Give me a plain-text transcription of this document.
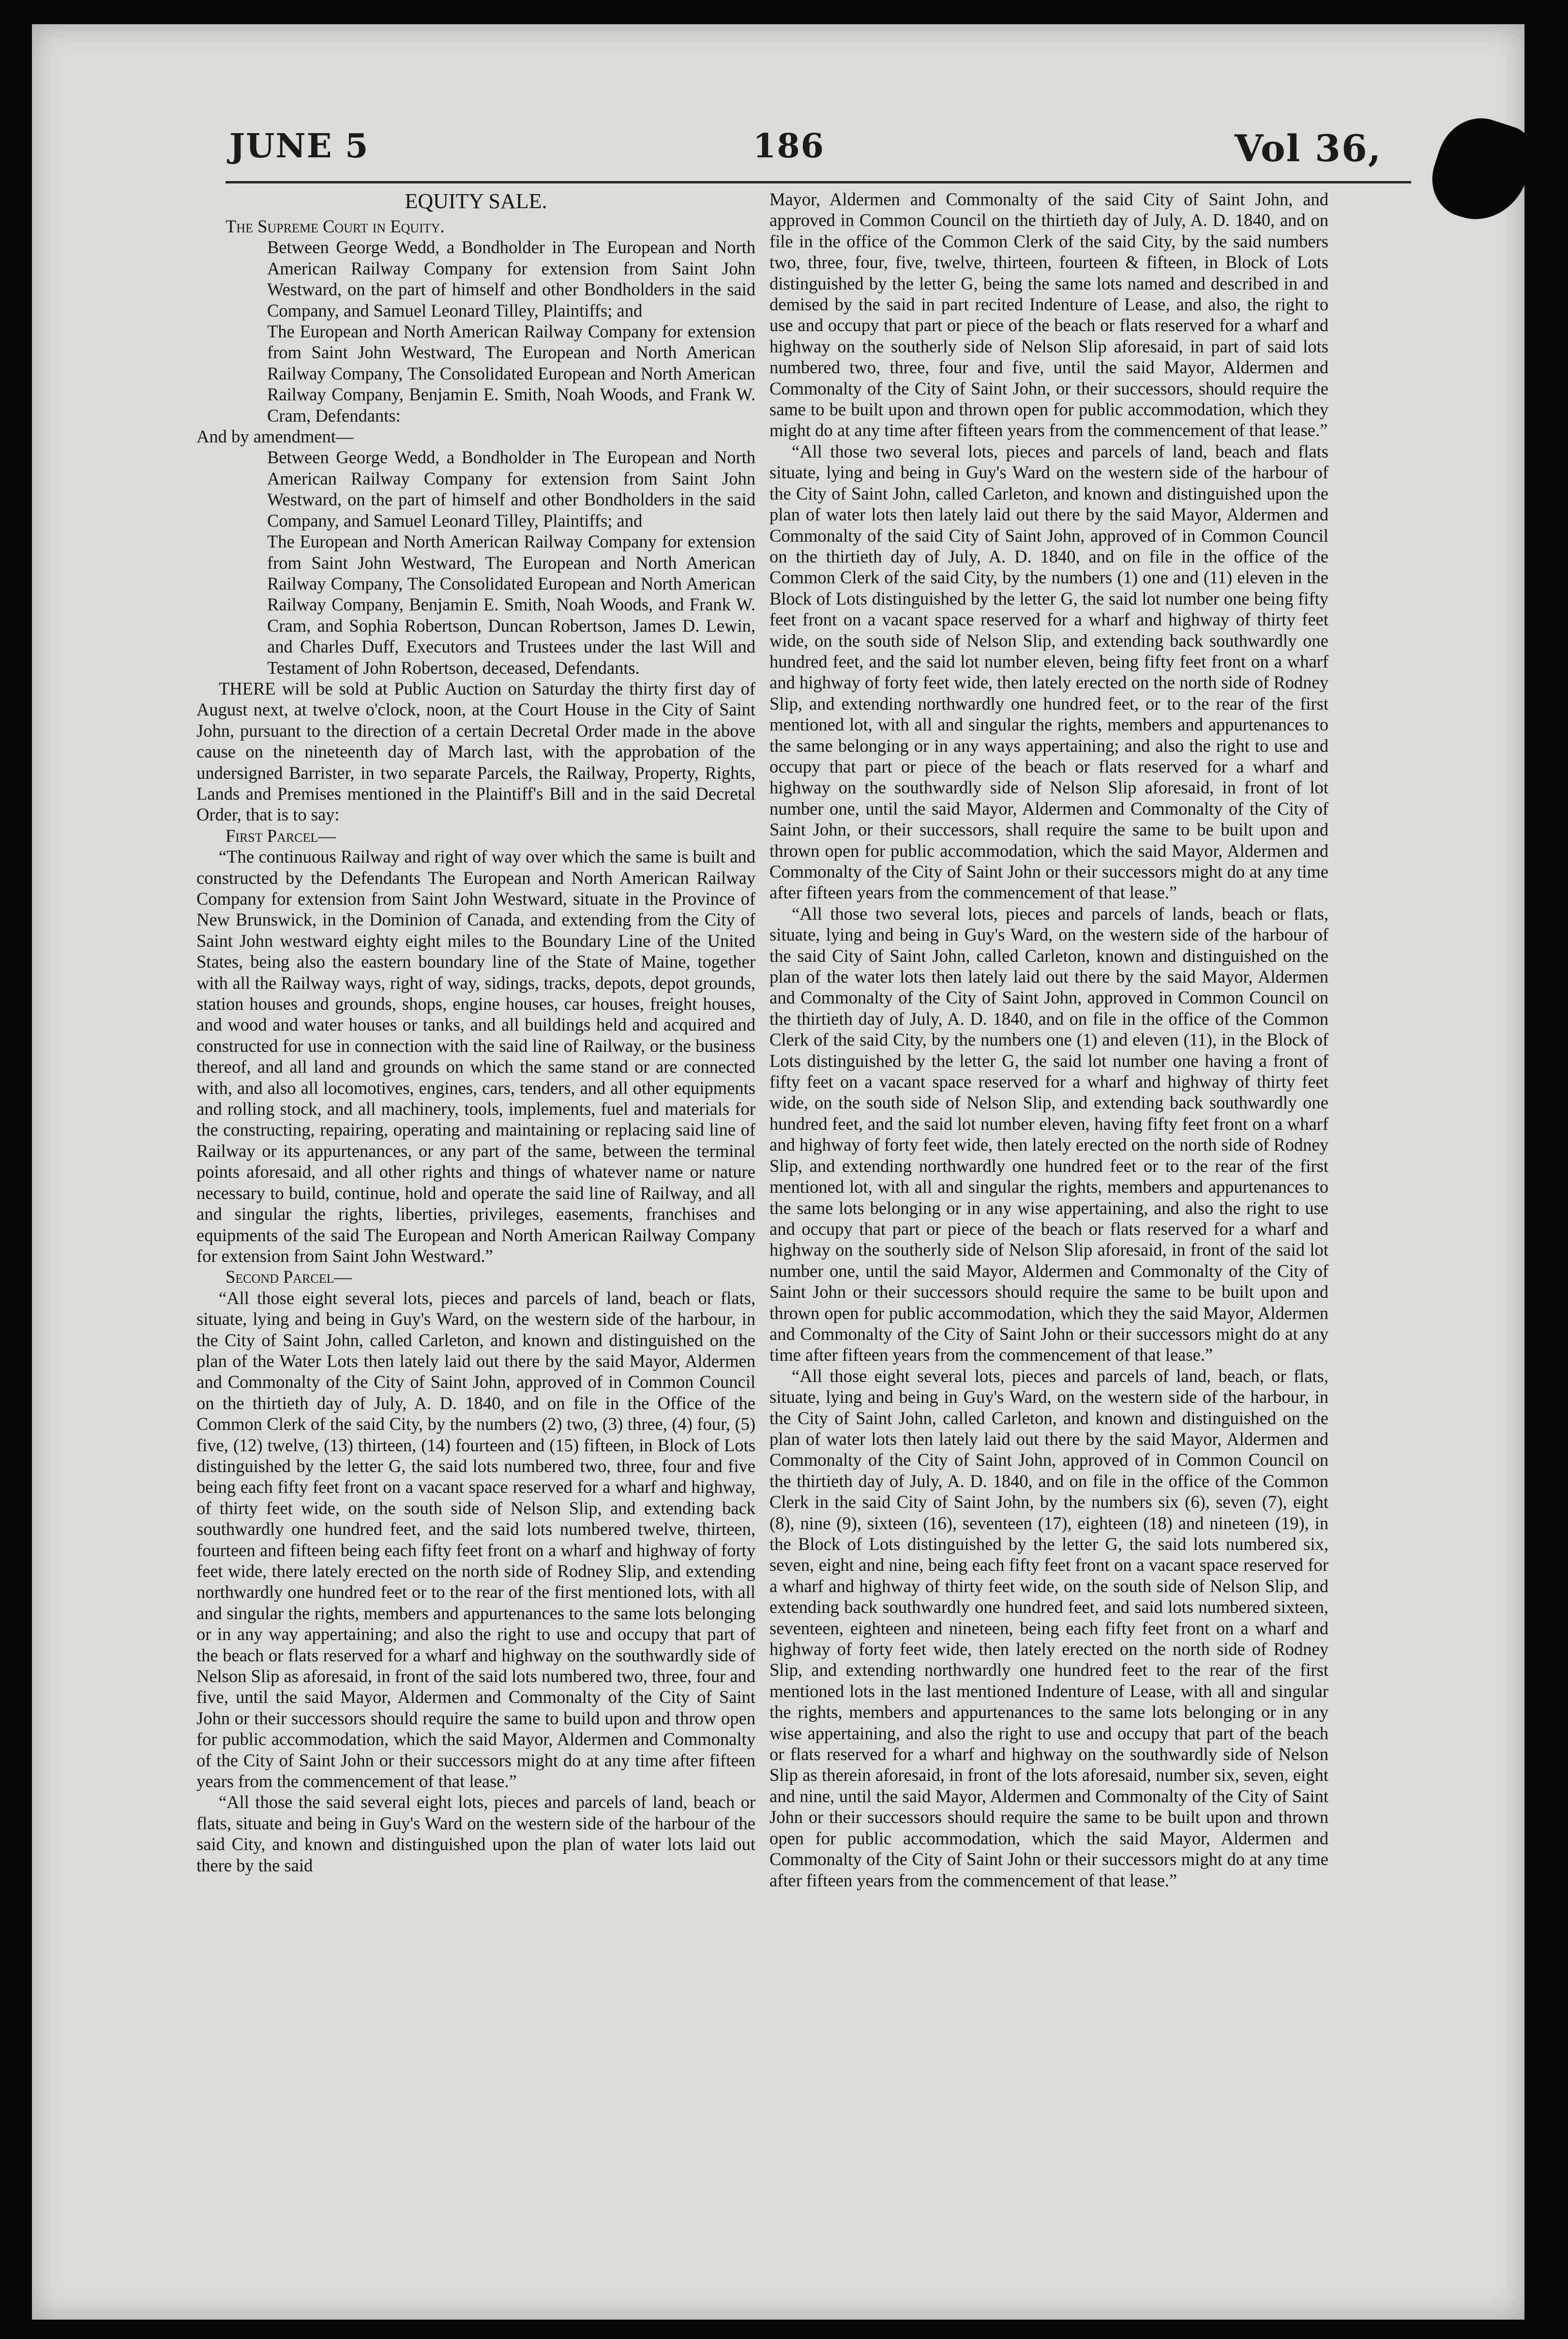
JUNE 5	186	Vol 36,

EQUITY SALE.

The Supreme Court in Equity.

Between George Wedd, a Bondholder in The European and North American Railway Company for extension from Saint John Westward, on the part of himself and other Bondholders in the said Company, and Samuel Leonard Tilley, Plaintiffs; and

The European and North American Railway Company for extension from Saint John Westward, The European and North American Railway Company, The Consolidated European and North American Railway Company, Benjamin E. Smith, Noah Woods, and Frank W. Cram, Defendants:

And by amendment—

Between George Wedd, a Bondholder in The European and North American Railway Company for extension from Saint John Westward, on the part of himself and other Bondholders in the said Company, and Samuel Leonard Tilley, Plaintiffs; and

The European and North American Railway Company for extension from Saint John Westward, The European and North American Railway Company, The Consolidated European and North American Railway Company, Benjamin E. Smith, Noah Woods, and Frank W. Cram, and Sophia Robertson, Duncan Robertson, James D. Lewin, and Charles Duff, Executors and Trustees under the last Will and Testament of John Robertson, deceased, Defendants.

THERE will be sold at Public Auction on Saturday the thirty first day of August next, at twelve o'clock, noon, at the Court House in the City of Saint John, pursuant to the direction of a certain Decretal Order made in the above cause on the nineteenth day of March last, with the approbation of the undersigned Barrister, in two separate Parcels, the Railway, Property, Rights, Lands and Premises mentioned in the Plaintiff's Bill and in the said Decretal Order, that is to say:

First Parcel—

“The continuous Railway and right of way over which the same is built and constructed by the Defendants The European and North American Railway Company for extension from Saint John Westward, situate in the Province of New Brunswick, in the Dominion of Canada, and extending from the City of Saint John westward eighty eight miles to the Boundary Line of the United States, being also the eastern boundary line of the State of Maine, together with all the Railway ways, right of way, sidings, tracks, depots, depot grounds, station houses and grounds, shops, engine houses, car houses, freight houses, and wood and water houses or tanks, and all buildings held and acquired and constructed for use in connection with the said line of Railway, or the business thereof, and all land and grounds on which the same stand or are connected with, and also all locomotives, engines, cars, tenders, and all other equipments and rolling stock, and all machinery, tools, implements, fuel and materials for the constructing, repairing, operating and maintaining or replacing said line of Railway or its appurtenances, or any part of the same, between the terminal points aforesaid, and all other rights and things of whatever name or nature necessary to build, continue, hold and operate the said line of Railway, and all and singular the rights, liberties, privileges, easements, franchises and equipments of the said The European and North American Railway Company for extension from Saint John Westward.”

Second Parcel—

“All those eight several lots, pieces and parcels of land, beach or flats, situate, lying and being in Guy's Ward, on the western side of the harbour, in the City of Saint John, called Carleton, and known and distinguished on the plan of the Water Lots then lately laid out there by the said Mayor, Aldermen and Commonalty of the City of Saint John, approved of in Common Council on the thirtieth day of July, A. D. 1840, and on file in the Office of the Common Clerk of the said City, by the numbers (2) two, (3) three, (4) four, (5) five, (12) twelve, (13) thirteen, (14) fourteen and (15) fifteen, in Block of Lots distinguished by the letter G, the said lots numbered two, three, four and five being each fifty feet front on a vacant space reserved for a wharf and highway, of thirty feet wide, on the south side of Nelson Slip, and extending back southwardly one hundred feet, and the said lots numbered twelve, thirteen, fourteen and fifteen being each fifty feet front on a wharf and highway of forty feet wide, there lately erected on the north side of Rodney Slip, and extending northwardly one hundred feet or to the rear of the first mentioned lots, with all and singular the rights, members and appurtenances to the same lots belonging or in any way appertaining; and also the right to use and occupy that part of the beach or flats reserved for a wharf and highway on the southwardly side of Nelson Slip as aforesaid, in front of the said lots numbered two, three, four and five, until the said Mayor, Aldermen and Commonalty of the City of Saint John or their successors should require the same to build upon and throw open for public accommodation, which the said Mayor, Aldermen and Commonalty of the City of Saint John or their successors might do at any time after fifteen years from the commencement of that lease.”

“All those the said several eight lots, pieces and parcels of land, beach or flats, situate and being in Guy's Ward on the western side of the harbour of the said City, and known and distinguished upon the plan of water lots laid out there by the said

Mayor, Aldermen and Commonalty of the said City of Saint John, and approved in Common Council on the thirtieth day of July, A. D. 1840, and on file in the office of the Common Clerk of the said City, by the said numbers two, three, four, five, twelve, thirteen, fourteen & fifteen, in Block of Lots distinguished by the letter G, being the same lots named and described in and demised by the said in part recited Indenture of Lease, and also, the right to use and occupy that part or piece of the beach or flats reserved for a wharf and highway on the southerly side of Nelson Slip aforesaid, in part of said lots numbered two, three, four and five, until the said Mayor, Aldermen and Commonalty of the City of Saint John, or their successors, should require the same to be built upon and thrown open for public accommodation, which they might do at any time after fifteen years from the commencement of that lease.”

“All those two several lots, pieces and parcels of land, beach and flats situate, lying and being in Guy's Ward on the western side of the harbour of the City of Saint John, called Carleton, and known and distinguished upon the plan of water lots then lately laid out there by the said Mayor, Aldermen and Commonalty of the said City of Saint John, approved of in Common Council on the thirtieth day of July, A. D. 1840, and on file in the office of the Common Clerk of the said City, by the numbers (1) one and (11) eleven in the Block of Lots distinguished by the letter G, the said lot number one being fifty feet front on a vacant space reserved for a wharf and highway of thirty feet wide, on the south side of Nelson Slip, and extending back southwardly one hundred feet, and the said lot number eleven, being fifty feet front on a wharf and highway of forty feet wide, then lately erected on the north side of Rodney Slip, and extending northwardly one hundred feet, or to the rear of the first mentioned lot, with all and singular the rights, members and appurtenances to the same belonging or in any ways appertaining; and also the right to use and occupy that part or piece of the beach or flats reserved for a wharf and highway on the southwardly side of Nelson Slip aforesaid, in front of lot number one, until the said Mayor, Aldermen and Commonalty of the City of Saint John, or their successors, shall require the same to be built upon and thrown open for public accommodation, which the said Mayor, Aldermen and Commonalty of the City of Saint John or their successors might do at any time after fifteen years from the commencement of that lease.”

“All those two several lots, pieces and parcels of lands, beach or flats, situate, lying and being in Guy's Ward, on the western side of the harbour of the said City of Saint John, called Carleton, known and distinguished on the plan of the water lots then lately laid out there by the said Mayor, Aldermen and Commonalty of the City of Saint John, approved in Common Council on the thirtieth day of July, A. D. 1840, and on file in the office of the Common Clerk of the said City, by the numbers one (1) and eleven (11), in the Block of Lots distinguished by the letter G, the said lot number one having a front of fifty feet on a vacant space reserved for a wharf and highway of thirty feet wide, on the south side of Nelson Slip, and extending back southwardly one hundred feet, and the said lot number eleven, having fifty feet front on a wharf and highway of forty feet wide, then lately erected on the north side of Rodney Slip, and extending northwardly one hundred feet or to the rear of the first mentioned lot, with all and singular the rights, members and appurtenances to the same lots belonging or in any wise appertaining, and also the right to use and occupy that part or piece of the beach or flats reserved for a wharf and highway on the southerly side of Nelson Slip aforesaid, in front of the said lot number one, until the said Mayor, Aldermen and Commonalty of the City of Saint John or their successors should require the same to be built upon and thrown open for public accommodation, which they the said Mayor, Aldermen and Commonalty of the City of Saint John or their successors might do at any time after fifteen years from the commencement of that lease.”

“All those eight several lots, pieces and parcels of land, beach, or flats, situate, lying and being in Guy's Ward, on the western side of the harbour, in the City of Saint John, called Carleton, and known and distinguished on the plan of water lots then lately laid out there by the said Mayor, Aldermen and Commonalty of the City of Saint John, approved of in Common Council on the thirtieth day of July, A. D. 1840, and on file in the office of the Common Clerk in the said City of Saint John, by the numbers six (6), seven (7), eight (8), nine (9), sixteen (16), seventeen (17), eighteen (18) and nineteen (19), in the Block of Lots distinguished by the letter G, the said lots numbered six, seven, eight and nine, being each fifty feet front on a vacant space reserved for a wharf and highway of thirty feet wide, on the south side of Nelson Slip, and extending back southwardly one hundred feet, and said lots numbered sixteen, seventeen, eighteen and nineteen, being each fifty feet front on a wharf and highway of forty feet wide, then lately erected on the north side of Rodney Slip, and extending northwardly one hundred feet to the rear of the first mentioned lots in the last mentioned Indenture of Lease, with all and singular the rights, members and appurtenances to the same lots belonging or in any wise appertaining, and also the right to use and occupy that part of the beach or flats reserved for a wharf and highway on the southwardly side of Nelson Slip as therein aforesaid, in front of the lots aforesaid, number six, seven, eight and nine, until the said Mayor, Aldermen and Commonalty of the City of Saint John or their successors should require the same to be built upon and thrown open for public accommodation, which the said Mayor, Aldermen and Commonalty of the City of Saint John or their successors might do at any time after fifteen years from the commencement of that lease.”
